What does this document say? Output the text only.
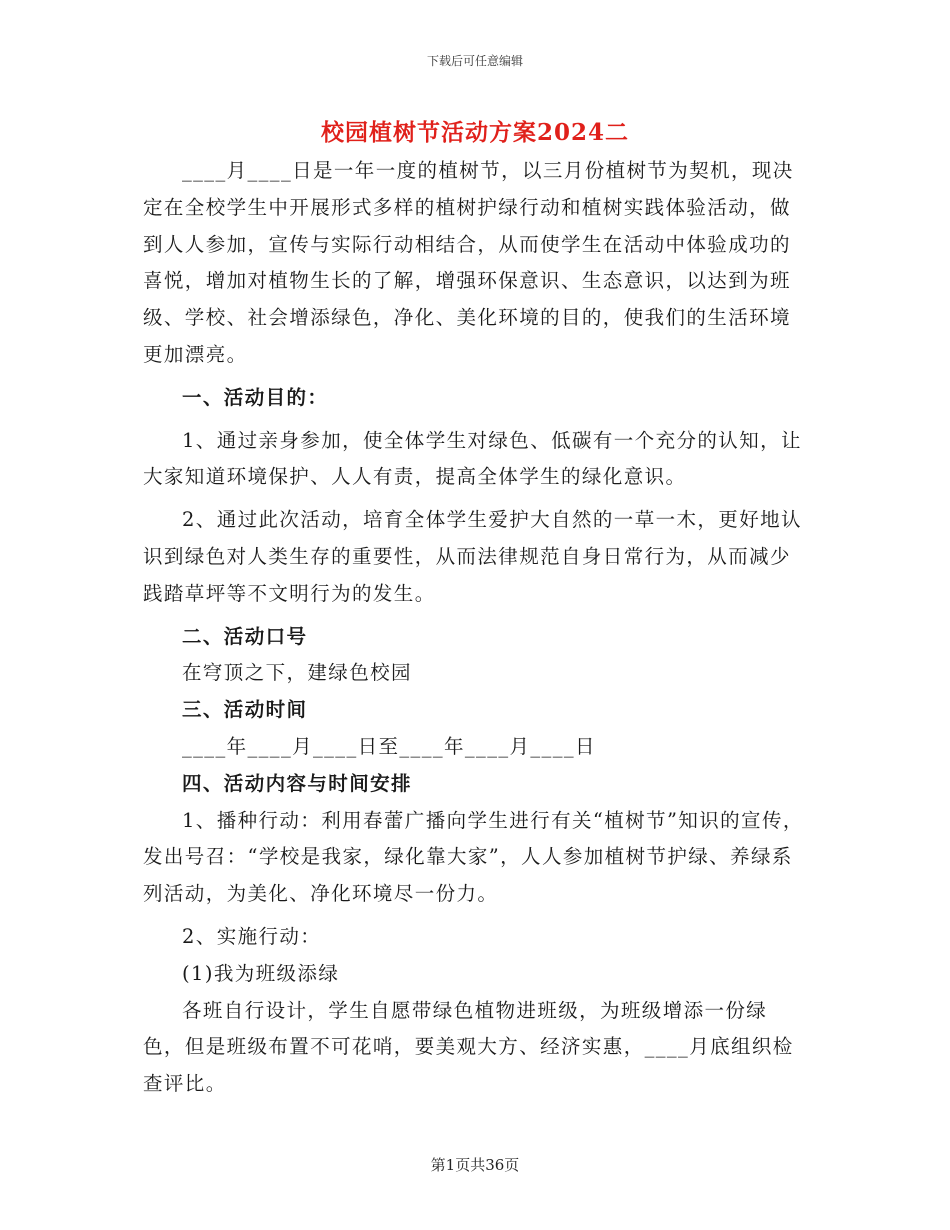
下载后可任意编辑
校园植树节活动方案2024二

____月____日是一年一度的植树节，以三月份植树节为契机，现决定在全校学生中开展形式多样的植树护绿行动和植树实践体验活动，做到人人参加，宣传与实际行动相结合，从而使学生在活动中体验成功的喜悦，增加对植物生长的了解，增强环保意识、生态意识，以达到为班级、学校、社会增添绿色，净化、美化环境的目的，使我们的生活环境更加漂亮。

一、活动目的：

1、通过亲身参加，使全体学生对绿色、低碳有一个充分的认知，让大家知道环境保护、人人有责，提高全体学生的绿化意识。

2、通过此次活动，培育全体学生爱护大自然的一草一木，更好地认识到绿色对人类生存的重要性，从而法律规范自身日常行为，从而减少践踏草坪等不文明行为的发生。

二、活动口号

在穹顶之下，建绿色校园

三、活动时间

____年____月____日至____年____月____日

四、活动内容与时间安排

1、播种行动：利用春蕾广播向学生进行有关“植树节”知识的宣传，发出号召：“学校是我家，绿化靠大家”，人人参加植树节护绿、养绿系列活动，为美化、净化环境尽一份力。

2、实施行动：

(1)我为班级添绿

各班自行设计，学生自愿带绿色植物进班级，为班级增添一份绿色，但是班级布置不可花哨，要美观大方、经济实惠，____月底组织检查评比。

第1页共36页
